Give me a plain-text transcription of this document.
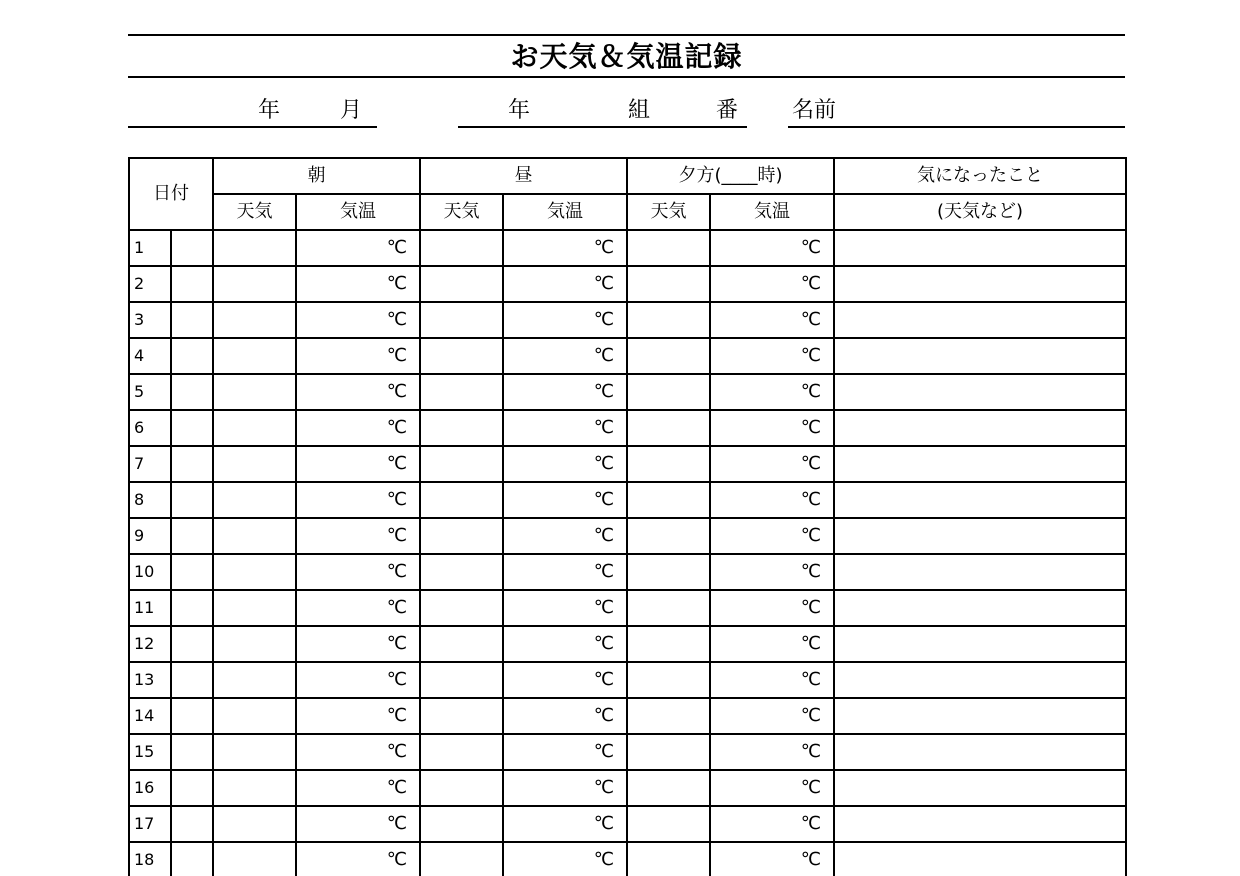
お天気＆気温記録
年	月	年	組	番 名前
日付		朝		昼		夕方(____時)		気になったこと
		天気	気温	天気	気温	天気	気温	(天気など)
1			℃		℃		℃	
2			℃		℃		℃	
3			℃		℃		℃	
4			℃		℃		℃	
5			℃		℃		℃	
6			℃		℃		℃	
7			℃		℃		℃	
8			℃		℃		℃	
9			℃		℃		℃	
10			℃		℃		℃	
11			℃		℃		℃	
12			℃		℃		℃	
13			℃		℃		℃	
14			℃		℃		℃	
15			℃		℃		℃	
16			℃		℃		℃	
17			℃		℃		℃	
18			℃		℃		℃	
